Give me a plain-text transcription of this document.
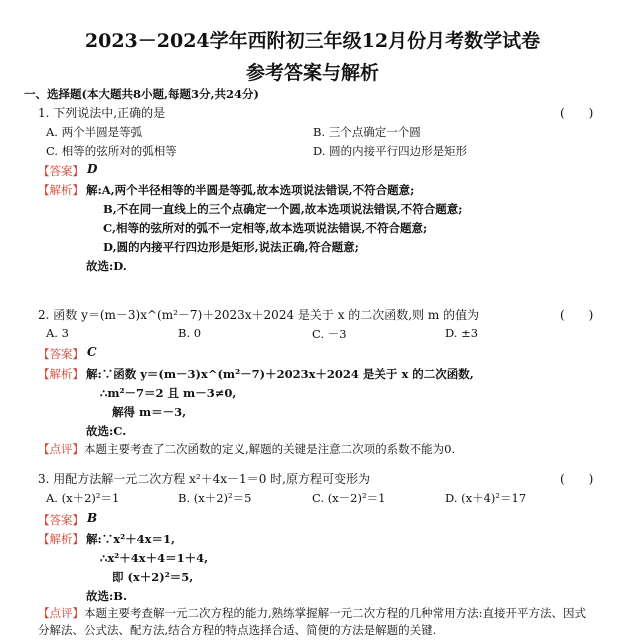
2023－2024学年西附初三年级12月份月考数学试卷
参考答案与解析
一、选择题(本大题共8小题,每题3分,共24分)
1. 下列说法中,正确的是	(　　)
A. 两个半圆是等弧	B. 三个点确定一个圆
C. 相等的弦所对的弧相等	D. 圆的内接平行四边形是矩形
【答案】 D
【解析】 解:A,两个半径相等的半圆是等弧,故本选项说法错误,不符合题意;
B,不在同一直线上的三个点确定一个圆,故本选项说法错误,不符合题意;
C,相等的弦所对的弧不一定相等,故本选项说法错误,不符合题意;
D,圆的内接平行四边形是矩形,说法正确,符合题意;
故选:D.
2. 函数 y＝(m－3)x^(m²－7)＋2023x＋2024 是关于 x 的二次函数,则 m 的值为	(　　)
A. 3	B. 0	C. －3	D. ±3
【答案】 C
【解析】 解:∵函数 y＝(m－3)x^(m²－7)＋2023x＋2024 是关于 x 的二次函数,
∴m²－7＝2 且 m－3≠0,
解得 m＝－3,
故选:C.
【点评】本题主要考查了二次函数的定义,解题的关键是注意二次项的系数不能为0.
3. 用配方法解一元二次方程 x²＋4x－1＝0 时,原方程可变形为	(　　)
A. (x＋2)²＝1	B. (x＋2)²＝5	C. (x－2)²＝1	D. (x＋4)²＝17
【答案】 B
【解析】 解:∵x²＋4x＝1,
∴x²＋4x＋4＝1＋4,
即 (x＋2)²＝5,
故选:B.
【点评】本题主要考查解一元二次方程的能力,熟练掌握解一元二次方程的几种常用方法:直接开平方法、因式
分解法、公式法、配方法,结合方程的特点选择合适、简便的方法是解题的关键.
